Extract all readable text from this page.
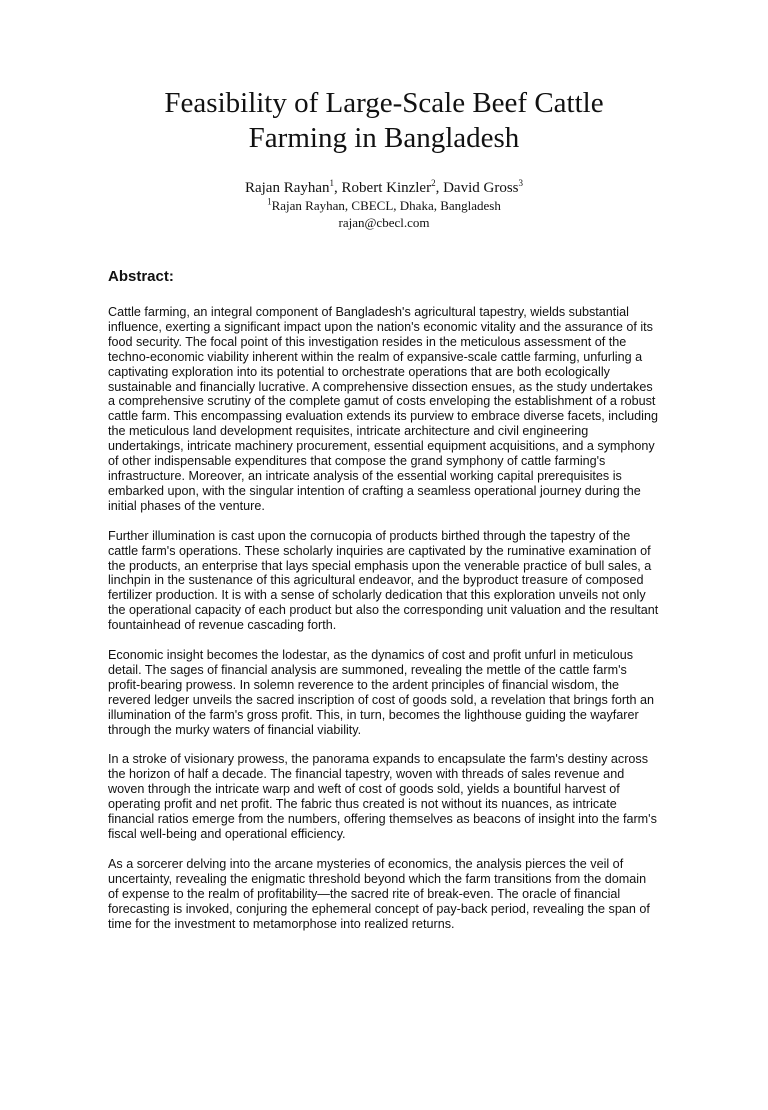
Feasibility of Large-Scale Beef Cattle
Farming in Bangladesh
Rajan Rayhan$^1$, Robert Kinzler$^2$, David Gross$^3$
$^1$Rajan Rayhan, CBECL, Dhaka, Bangladesh
rajan@cbecl.com
Abstract:

Cattle farming, an integral component of Bangladesh's agricultural tapestry, wields substantial influence, exerting a significant impact upon the nation's economic vitality and the assurance of its food security. The focal point of this investigation resides in the meticulous assessment of the techno-economic viability inherent within the realm of expansive-scale cattle farming, unfurling a captivating exploration into its potential to orchestrate operations that are both ecologically sustainable and financially lucrative. A comprehensive dissection ensues, as the study undertakes a comprehensive scrutiny of the complete gamut of costs enveloping the establishment of a robust cattle farm. This encompassing evaluation extends its purview to embrace diverse facets, including the meticulous land development requisites, intricate architecture and civil engineering undertakings, intricate machinery procurement, essential equipment acquisitions, and a symphony of other indispensable expenditures that compose the grand symphony of cattle farming's infrastructure. Moreover, an intricate analysis of the essential working capital prerequisites is embarked upon, with the singular intention of crafting a seamless operational journey during the initial phases of the venture.

Further illumination is cast upon the cornucopia of products birthed through the tapestry of the cattle farm's operations. These scholarly inquiries are captivated by the ruminative examination of the products, an enterprise that lays special emphasis upon the venerable practice of bull sales, a linchpin in the sustenance of this agricultural endeavor, and the byproduct treasure of composed fertilizer production. It is with a sense of scholarly dedication that this exploration unveils not only the operational capacity of each product but also the corresponding unit valuation and the resultant fountainhead of revenue cascading forth.

Economic insight becomes the lodestar, as the dynamics of cost and profit unfurl in meticulous detail. The sages of financial analysis are summoned, revealing the mettle of the cattle farm's profit-bearing prowess. In solemn reverence to the ardent principles of financial wisdom, the revered ledger unveils the sacred inscription of cost of goods sold, a revelation that brings forth an illumination of the farm's gross profit. This, in turn, becomes the lighthouse guiding the wayfarer through the murky waters of financial viability.

In a stroke of visionary prowess, the panorama expands to encapsulate the farm's destiny across the horizon of half a decade. The financial tapestry, woven with threads of sales revenue and woven through the intricate warp and weft of cost of goods sold, yields a bountiful harvest of operating profit and net profit. The fabric thus created is not without its nuances, as intricate financial ratios emerge from the numbers, offering themselves as beacons of insight into the farm's fiscal well-being and operational efficiency.

As a sorcerer delving into the arcane mysteries of economics, the analysis pierces the veil of uncertainty, revealing the enigmatic threshold beyond which the farm transitions from the domain of expense to the realm of profitability—the sacred rite of break-even. The oracle of financial forecasting is invoked, conjuring the ephemeral concept of pay-back period, revealing the span of time for the investment to metamorphose into realized returns.
